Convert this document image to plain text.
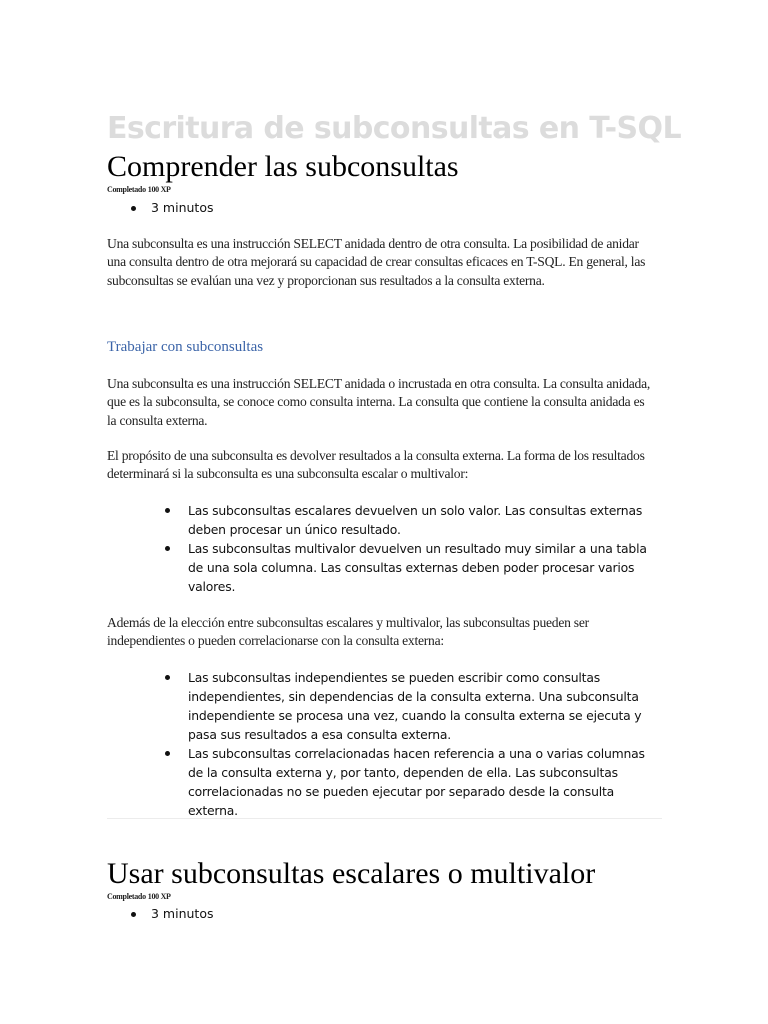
Escritura de subconsultas en T-SQL
Comprender las subconsultas

Completado 100 XP

3 minutos

Una subconsulta es una instrucción SELECT anidada dentro de otra consulta. La posibilidad de anidar una consulta dentro de otra mejorará su capacidad de crear consultas eficaces en T-SQL. En general, las subconsultas se evalúan una vez y proporcionan sus resultados a la consulta externa.

Trabajar con subconsultas

Una subconsulta es una instrucción SELECT anidada o incrustada en otra consulta. La consulta anidada, que es la subconsulta, se conoce como consulta interna. La consulta que contiene la consulta anidada es la consulta externa.

El propósito de una subconsulta es devolver resultados a la consulta externa. La forma de los resultados determinará si la subconsulta es una subconsulta escalar o multivalor:

Las subconsultas escalares devuelven un solo valor. Las consultas externas deben procesar un único resultado.
Las subconsultas multivalor devuelven un resultado muy similar a una tabla de una sola columna. Las consultas externas deben poder procesar varios valores.

Además de la elección entre subconsultas escalares y multivalor, las subconsultas pueden ser independientes o pueden correlacionarse con la consulta externa:

Las subconsultas independientes se pueden escribir como consultas independientes, sin dependencias de la consulta externa. Una subconsulta independiente se procesa una vez, cuando la consulta externa se ejecuta y pasa sus resultados a esa consulta externa.
Las subconsultas correlacionadas hacen referencia a una o varias columnas de la consulta externa y, por tanto, dependen de ella. Las subconsultas correlacionadas no se pueden ejecutar por separado desde la consulta externa.
Usar subconsultas escalares o multivalor

Completado 100 XP

3 minutos
